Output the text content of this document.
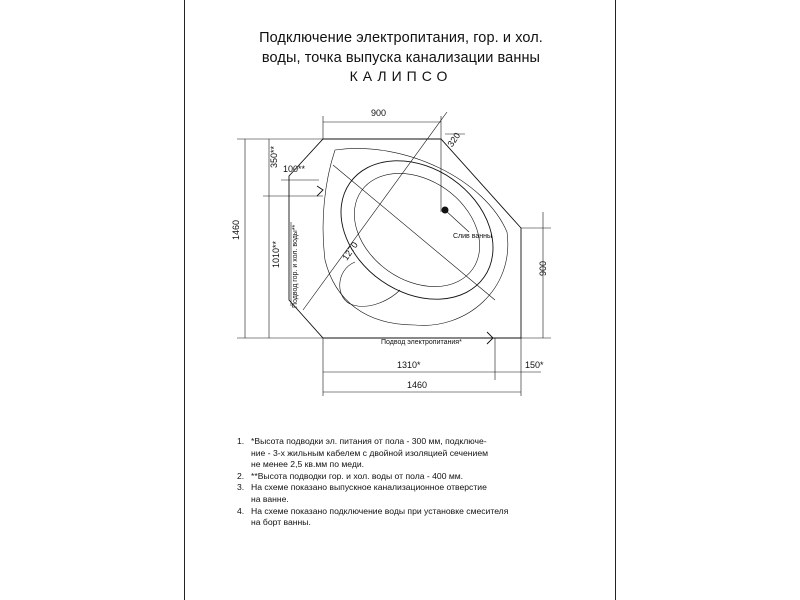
Подключение электропитания, гор. и хол.
воды, точка выпуска канализации ванны
КАЛИПСО
Слив ванны
900
320
1460
350**
1010**
100**
Подвод гор. и хол. воды**	1270
900
Подвод электропитания*
1310*	150*
1460
1. *Высота подводки эл. питания от пола - 300 мм, подключе-
ние - 3-х жильным кабелем с двойной изоляцией сечением
не менее 2,5 кв.мм по меди.
2. **Высота подводки гор. и хол. воды от пола - 400 мм.
3. На схеме показано выпускное канализационное отверстие
на ванне.
4. На схеме показано подключение воды при установке смесителя
на борт ванны.
